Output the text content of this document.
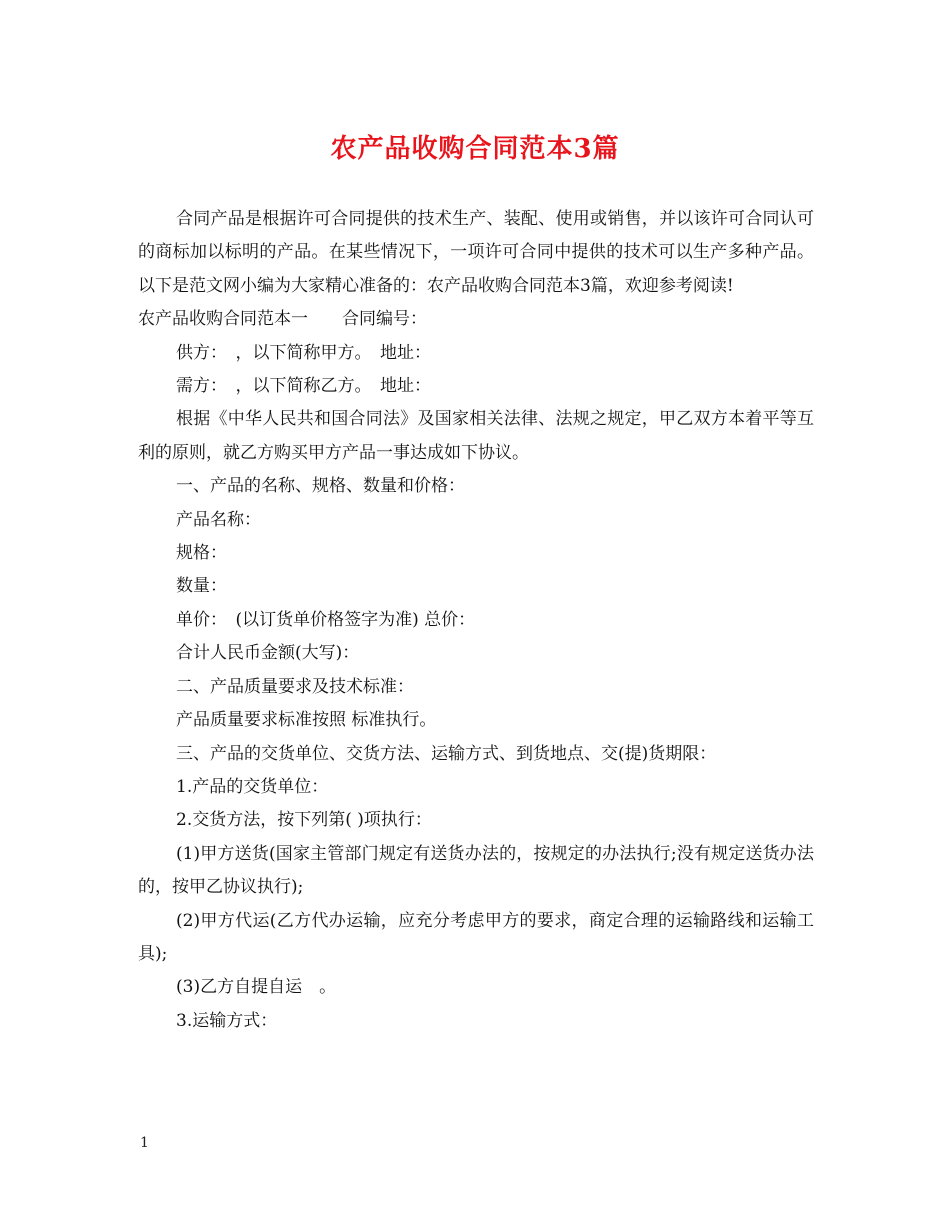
农产品收购合同范本3篇

合同产品是根据许可合同提供的技术生产、装配、使用或销售，并以该许可合同认可的商标加以标明的产品。在某些情况下，一项许可合同中提供的技术可以生产多种产品。以下是范文网小编为大家精心准备的：农产品收购合同范本3篇，欢迎参考阅读!

农产品收购合同范本一　　合同编号：

供方：　，以下简称甲方。　地址：

需方：　，以下简称乙方。　地址：

根据《中华人民共和国合同法》及国家相关法律、法规之规定，甲乙双方本着平等互利的原则，就乙方购买甲方产品一事达成如下协议。

一、产品的名称、规格、数量和价格：

产品名称：

规格：

数量：

单价：　(以订货单价格签字为准) 总价：

合计人民币金额(大写)：

二、产品质量要求及技术标准：

产品质量要求标准按照 标准执行。

三、产品的交货单位、交货方法、运输方式、到货地点、交(提)货期限：

1.产品的交货单位：

2.交货方法，按下列第( )项执行：

(1)甲方送货(国家主管部门规定有送货办法的，按规定的办法执行;没有规定送货办法的，按甲乙协议执行);

(2)甲方代运(乙方代办运输，应充分考虑甲方的要求，商定合理的运输路线和运输工具);

(3)乙方自提自运　。

3.运输方式：

1
